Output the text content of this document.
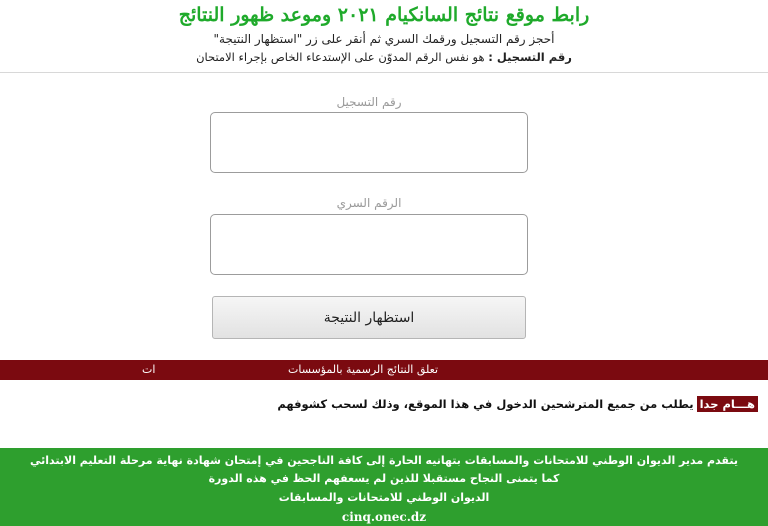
رابط موقع نتائج السانكيام ٢٠٢١ وموعد ظهور النتائج
أحجز رقم التسجيل ورقمك السري ثم أنقر على زر "استظهار النتيجة"
رقم التسجيل : هو نفس الرقم المدوّن على الإستدعاء الخاص بإجراء الامتحان
رقم التسجيل
الرقم السري
استظهار النتيجة
تعلق النتائج الرسمية بالمؤسسات
ات
هـــام جدايطلب من جميع المترشحين الدخول في هذا الموقع، وذلك لسحب كشوفهم
يتقدم مدير الديوان الوطني للامتحانات والمسابقات بتهانيه الحارة إلى كافة الناجحين في إمتحان شهادة نهاية مرحلة التعليم الابتدائي
كما يتمنى النجاح مستقبلا للذين لم يسعفهم الحظ في هذه الدورة
الديوان الوطني للامتحانات والمسابقات
cinq.onec.dz
